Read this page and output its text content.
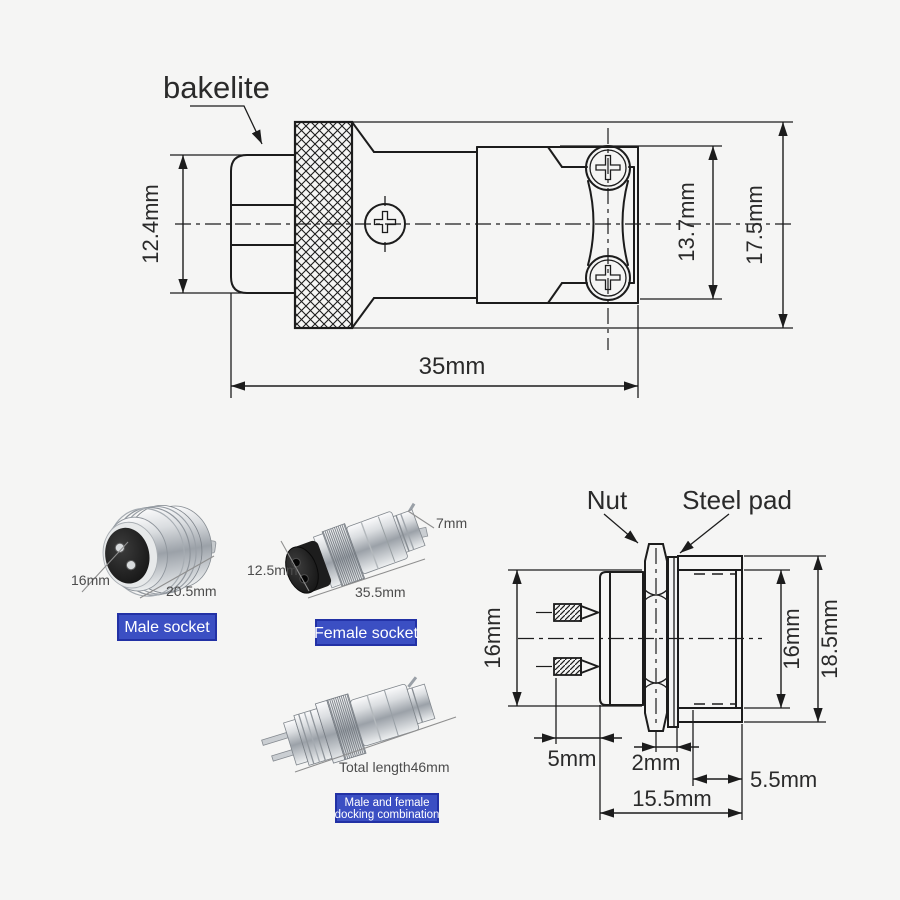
bakelite
12.4mm	13.7mm 17.5mm
35mm
16mm
20.5mm
Male socket
7mm
12.5mm
35.5mm
Female socket
Total length46mm
Male and female
docking combination
Nut Steel pad
16mm	16mm 18.5mm
5mm 2mm
5.5mm
15.5mm
